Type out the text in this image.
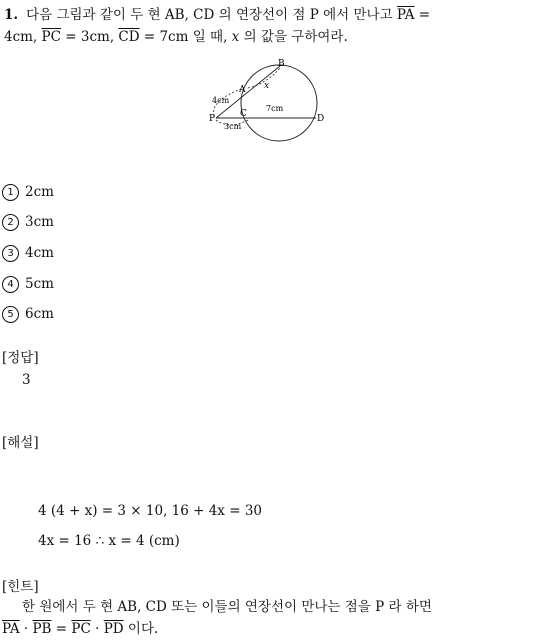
1. 다음 그림과 같이 두 현 AB, CD 의 연장선이 점 P 에서 만나고 $\overline{PA}$ =
4cm, $\overline{PC} = 3cm$, $\overline{CD} = 7cm$ 일 때, x 의 값을 구하여라.
B
A
C	D
P
x
4cm
3cm
7cm
1 2cm
2 3cm
3 4cm
4 5cm
5 6cm
[정답]
3
[해설]
4 (4 + x) = 3 × 10, 16 + 4x = 30
4x = 16 ∴ x = 4 (cm)
[힌트]
한 원에서 두 현 AB, CD 또는 이들의 연장선이 만나는 점을 P 라 하면
$\overline{PA} \cdot \overline{PB} = \overline{PC} \cdot \overline{PD}$ 이다.
